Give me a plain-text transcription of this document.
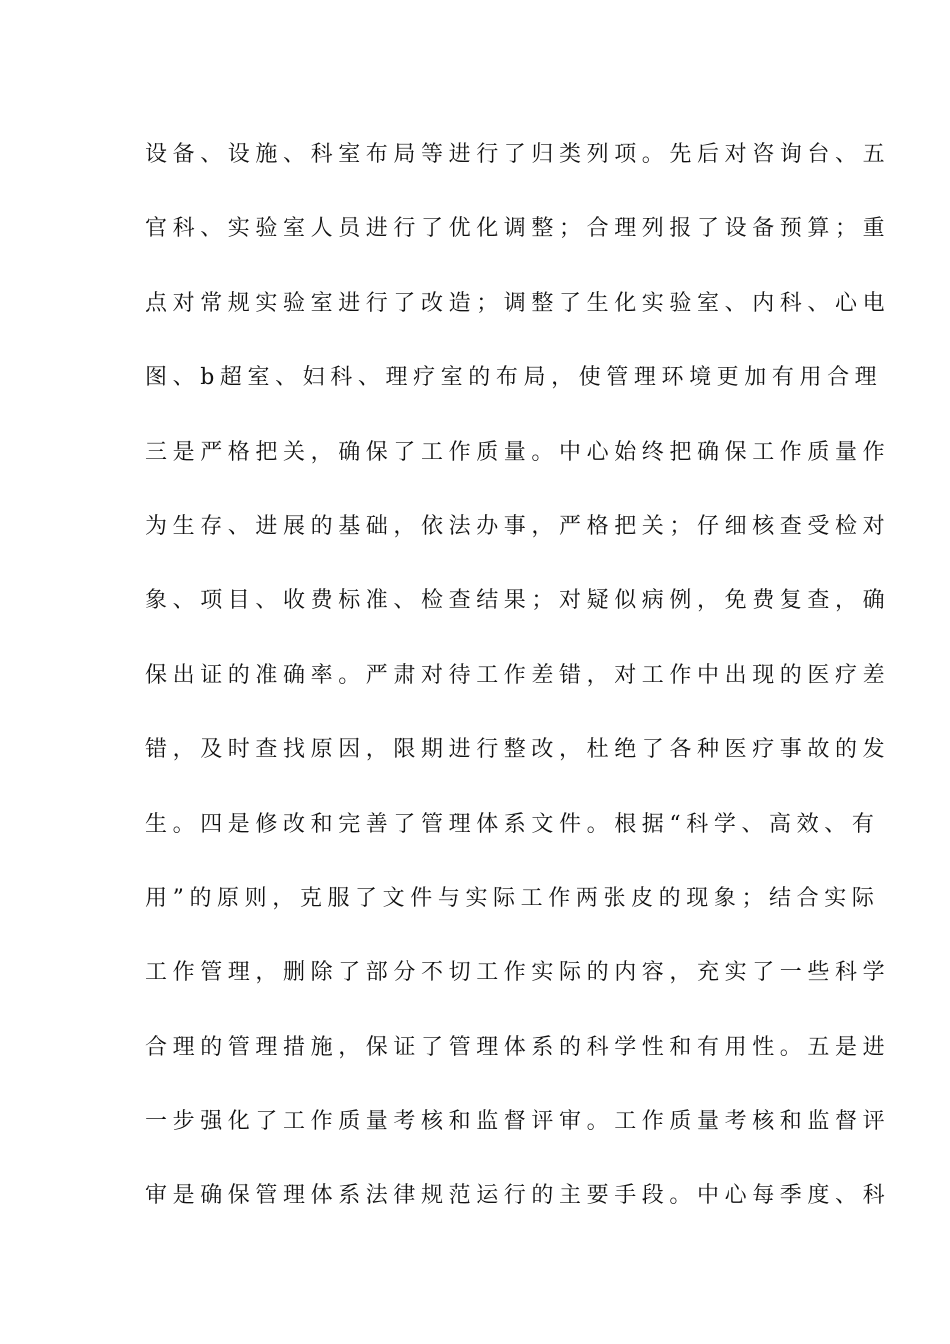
设备、设施、科室布局等进行了归类列项。先后对咨询台、五
官科、实验室人员进行了优化调整；合理列报了设备预算；重
点对常规实验室进行了改造；调整了生化实验室、内科、心电
图、b超室、妇科、理疗室的布局，使管理环境更加有用合理
三是严格把关，确保了工作质量。中心始终把确保工作质量作
为生存、进展的基础，依法办事，严格把关；仔细核查受检对
象、项目、收费标准、检查结果；对疑似病例，免费复查，确
保出证的准确率。严肃对待工作差错，对工作中出现的医疗差
错，及时查找原因，限期进行整改，杜绝了各种医疗事故的发
生。四是修改和完善了管理体系文件。根据“科学、高效、有
用”的原则，克服了文件与实际工作两张皮的现象；结合实际
工作管理，删除了部分不切工作实际的内容，充实了一些科学
合理的管理措施，保证了管理体系的科学性和有用性。五是进
一步强化了工作质量考核和监督评审。工作质量考核和监督评
审是确保管理体系法律规范运行的主要手段。中心每季度、科
